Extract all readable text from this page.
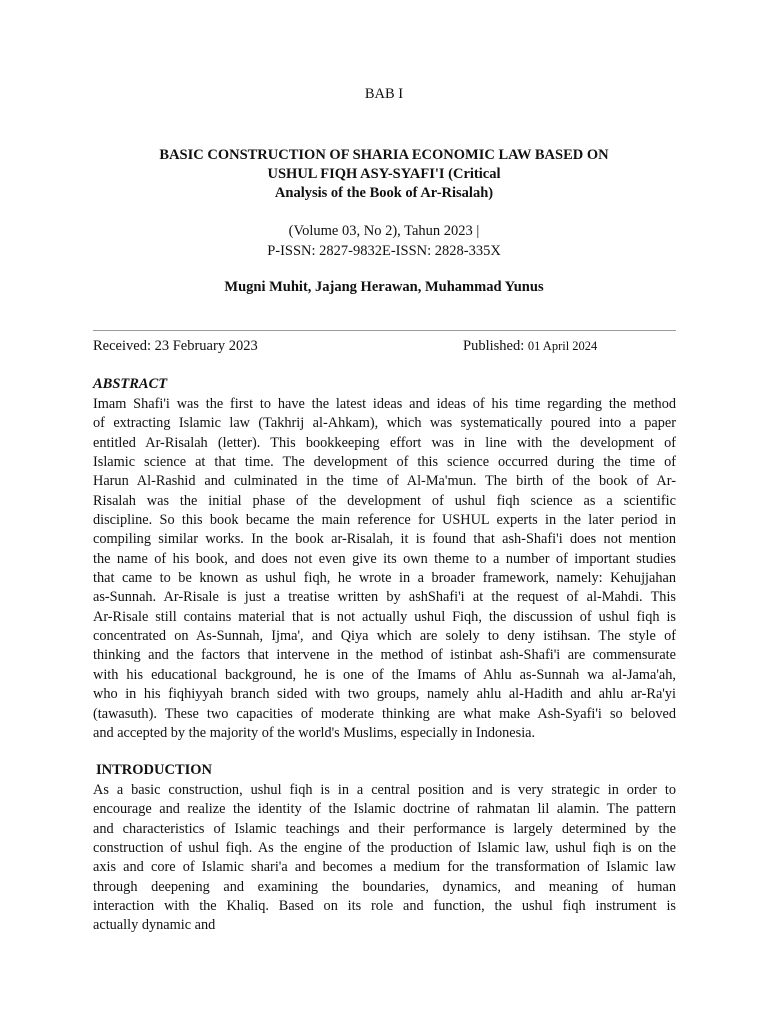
BAB I
BASIC CONSTRUCTION OF SHARIA ECONOMIC LAW BASED ON
USHUL FIQH ASY-SYAFI'I (Critical
Analysis of the Book of Ar-Risalah)
(Volume 03, No 2), Tahun 2023 |
P-ISSN: 2827-9832E-ISSN: 2828-335X
Mugni Muhit, Jajang Herawan, Muhammad Yunus
Received: 23 February 2023	Published: 01 April 2024
ABSTRACT
Imam Shafi'i was the first to have the latest ideas and ideas of his time regarding the method
of extracting Islamic law (Takhrij al-Ahkam), which was systematically poured into a paper
entitled Ar-Risalah (letter). This bookkeeping effort was in line with the development of
Islamic science at that time. The development of this science occurred during the time of
Harun Al-Rashid and culminated in the time of Al-Ma'mun. The birth of the book of Ar-
Risalah was the initial phase of the development of ushul fiqh science as a scientific
discipline. So this book became the main reference for USHUL experts in the later period in
compiling similar works. In the book ar-Risalah, it is found that ash-Shafi'i does not mention
the name of his book, and does not even give its own theme to a number of important studies
that came to be known as ushul fiqh, he wrote in a broader framework, namely: Kehujjahan
as-Sunnah. Ar-Risale is just a treatise written by ashShafi'i at the request of al-Mahdi. This
Ar-Risale still contains material that is not actually ushul Fiqh, the discussion of ushul fiqh is
concentrated on As-Sunnah, Ijma', and Qiya which are solely to deny istihsan. The style of
thinking and the factors that intervene in the method of istinbat ash-Shafi'i are commensurate
with his educational background, he is one of the Imams of Ahlu as-Sunnah wa al-Jama'ah,
who in his fiqhiyyah branch sided with two groups, namely ahlu al-Hadith and ahlu ar-Ra'yi
(tawasuth). These two capacities of moderate thinking are what make Ash-Syafi'i so beloved
and accepted by the majority of the world's Muslims, especially in Indonesia.
INTRODUCTION
As a basic construction, ushul fiqh is in a central position and is very strategic in order to
encourage and realize the identity of the Islamic doctrine of rahmatan lil alamin. The pattern
and characteristics of Islamic teachings and their performance is largely determined by the
construction of ushul fiqh. As the engine of the production of Islamic law, ushul fiqh is on the
axis and core of Islamic shari'a and becomes a medium for the transformation of Islamic law
through deepening and examining the boundaries, dynamics, and meaning of human
interaction with the Khaliq. Based on its role and function, the ushul fiqh instrument is
actually dynamic and
